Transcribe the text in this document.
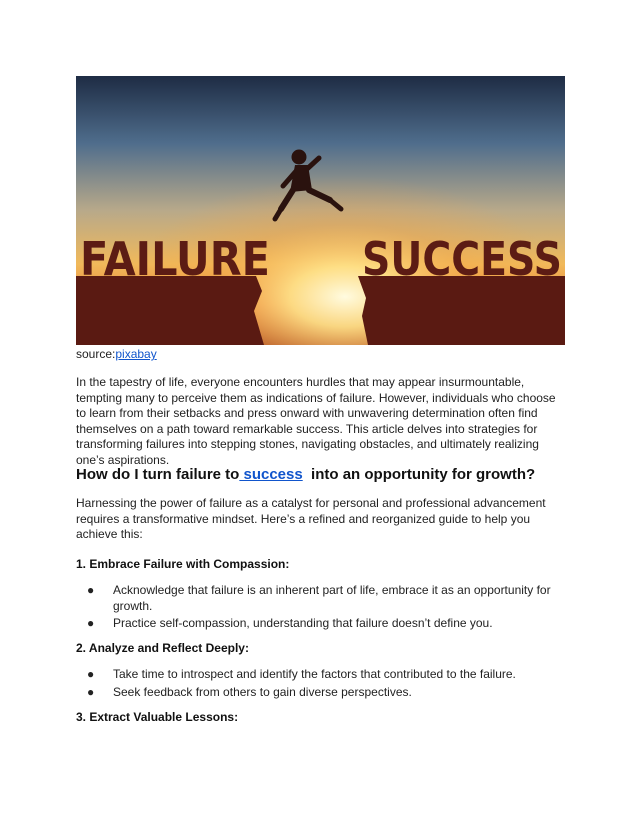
FAILURE SUCCESS
source:pixabay
In the tapestry of life, everyone encounters hurdles that may appear insurmountable, tempting many to perceive them as indications of failure. However, individuals who choose to learn from their setbacks and press onward with unwavering determination often find themselves on a path toward remarkable success. This article delves into strategies for transforming failures into stepping stones, navigating obstacles, and ultimately realizing one’s aspirations.
How do I turn failure to success  into an opportunity for growth?
Harnessing the power of failure as a catalyst for personal and professional advancement requires a transformative mindset. Here’s a refined and reorganized guide to help you achieve this:
1. Embrace Failure with Compassion:
● Acknowledge that failure is an inherent part of life, embrace it as an opportunity for growth.
● Practice self-compassion, understanding that failure doesn’t define you.
2. Analyze and Reflect Deeply:
● Take time to introspect and identify the factors that contributed to the failure.
● Seek feedback from others to gain diverse perspectives.
3. Extract Valuable Lessons:
